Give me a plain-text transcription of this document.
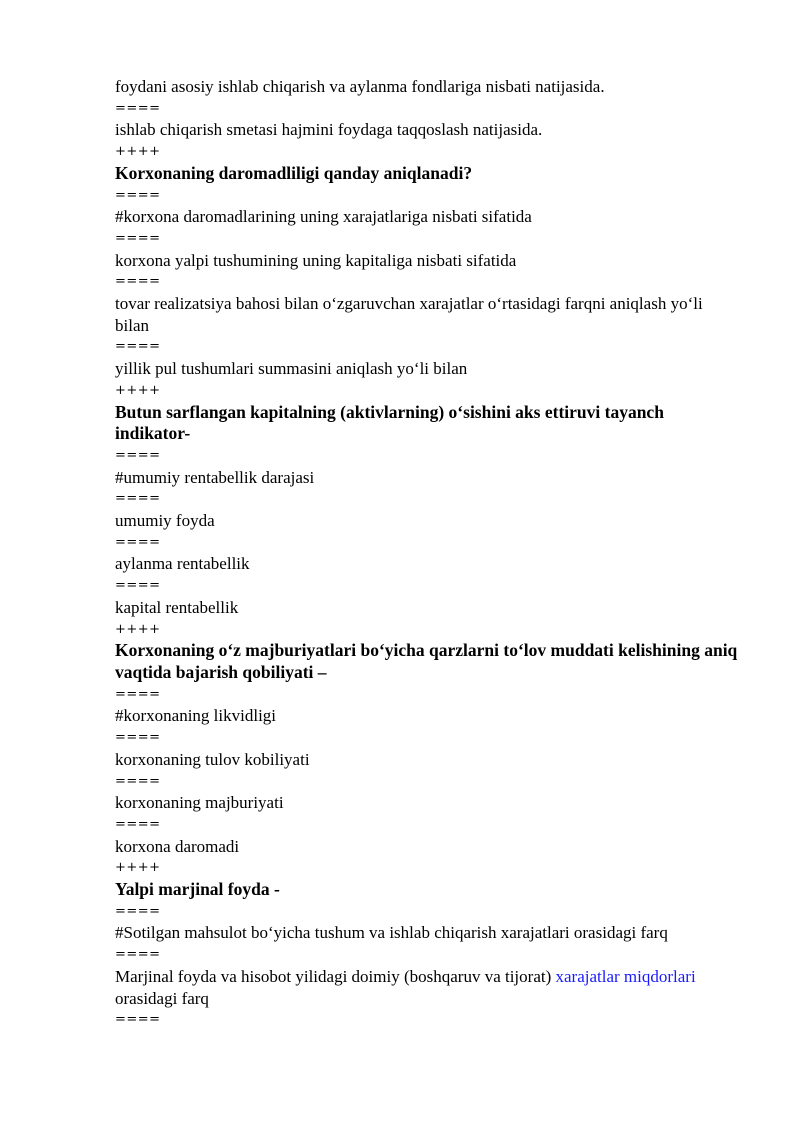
foydani asosiy ishlab chiqarish va aylanma fondlariga nisbati natijasida.
====
ishlab chiqarish smetasi hajmini foydaga taqqoslash natijasida.
++++
Korxonaning daromadliligi qanday aniqlanadi?
====
#korxona daromadlarining uning xarajatlariga nisbati sifatida
====
korxona yalpi tushumining uning kapitaliga nisbati sifatida
====
tovar realizatsiya bahosi bilan o‘zgaruvchan xarajatlar o‘rtasidagi farqni aniqlash yo‘li bilan
====
yillik pul tushumlari summasini aniqlash yo‘li bilan
++++
Butun sarflangan kapitalning (aktivlarning) o‘sishini aks ettiruvi tayanch indikator-
====
#umumiy rentabellik darajasi
====
umumiy foyda
====
aylanma rentabellik
====
kapital rentabellik
++++
Korxonaning o‘z majburiyatlari bo‘yicha qarzlarni to‘lov muddati kelishining aniq vaqtida bajarish qobiliyati –
====
#korxonaning likvidligi
====
korxonaning tulov kobiliyati
====
korxonaning majburiyati
====
korxona daromadi
++++
Yalpi marjinal foyda -
====
#Sotilgan mahsulot bo‘yicha tushum va ishlab chiqarish xarajatlari orasidagi farq
====
Marjinal foyda va hisobot yilidagi doimiy (boshqaruv va tijorat) xarajatlar miqdorlari
orasidagi farq
====
